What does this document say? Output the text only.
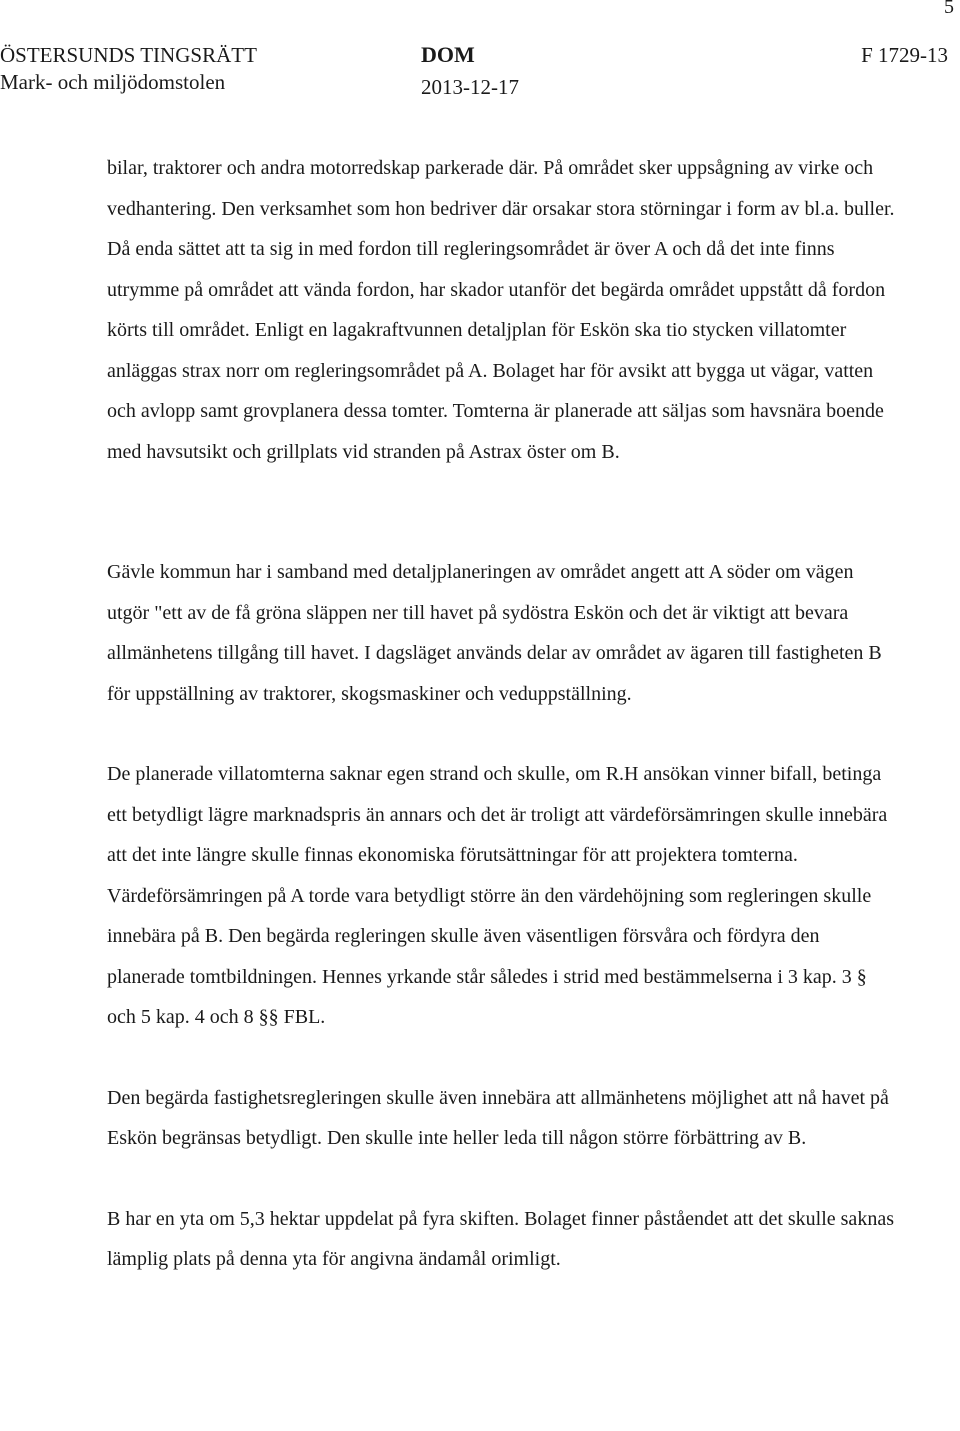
5
ÖSTERSUNDS TINGSRÄTT
Mark- och miljödomstolen
DOM
2013-12-17
F 1729-13

bilar, traktorer och andra motorredskap parkerade där. På området sker uppsågning av virke och vedhantering. Den verksamhet som hon bedriver där orsakar stora störningar i form av bl.a. buller. Då enda sättet att ta sig in med fordon till regleringsområdet är över A och då det inte finns utrymme på området att vända fordon, har skador utanför det begärda området uppstått då fordon körts till området. Enligt en lagakraftvunnen detaljplan för Eskön ska tio stycken villatomter anläggas strax norr om regleringsområdet på A. Bolaget har för avsikt att bygga ut vägar, vatten och avlopp samt grovplanera dessa tomter. Tomterna är planerade att säljas som havsnära boende med havsutsikt och grillplats vid stranden på Astrax öster om B.

Gävle kommun har i samband med detaljplaneringen av området angett att A söder om vägen utgör "ett av de få gröna släppen ner till havet på sydöstra Eskön och det är viktigt att bevara allmänhetens tillgång till havet. I dagsläget används delar av området av ägaren till fastigheten B för uppställning av traktorer, skogsmaskiner och veduppställning.

De planerade villatomterna saknar egen strand och skulle, om R.H ansökan vinner bifall, betinga ett betydligt lägre marknadspris än annars och det är troligt att värdeförsämringen skulle innebära att det inte längre skulle finnas ekonomiska förutsättningar för att projektera tomterna. Värdeförsämringen på A torde vara betydligt större än den värdehöjning som regleringen skulle innebära på B. Den begärda regleringen skulle även väsentligen försvåra och fördyra den planerade tomtbildningen. Hennes yrkande står således i strid med bestämmelserna i 3 kap. 3 § och 5 kap. 4 och 8 §§ FBL.

Den begärda fastighetsregleringen skulle även innebära att allmänhetens möjlighet att nå havet på Eskön begränsas betydligt. Den skulle inte heller leda till någon större förbättring av B.

B har en yta om 5,3 hektar uppdelat på fyra skiften. Bolaget finner påståendet att det skulle saknas lämplig plats på denna yta för angivna ändamål orimligt.
